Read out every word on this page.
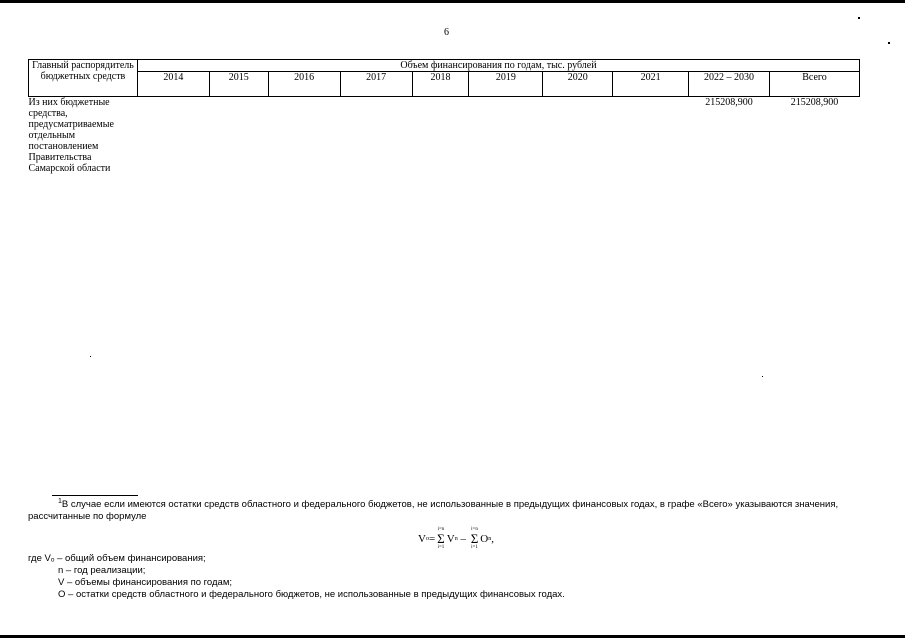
6
Главный распорядитель бюджетных средств	Объем финансирования по годам, тыс. рублей									
	2014	2015	2016	2017	2018	2019	2020	2021	2022 – 2030	Всего
Из них бюджетные средства, предусматриваемые отдельным постановлением Правительства Самарской области									215208,900	215208,900
$^1$В случае если имеются остатки средств областного и федерального бюджетов, не использованные в предыдущих финансовых годах, в графе «Всего» указываются значения, рассчитанные по формуле
V o =
i=n
Σ
i=1
V n
–

i=n
Σ
i=1
O n ,
где Vₒ – общий объем финансирования;
n – год реализации;
V – объемы финансирования по годам;
O – остатки средств областного и федерального бюджетов, не использованные в предыдущих финансовых годах.
